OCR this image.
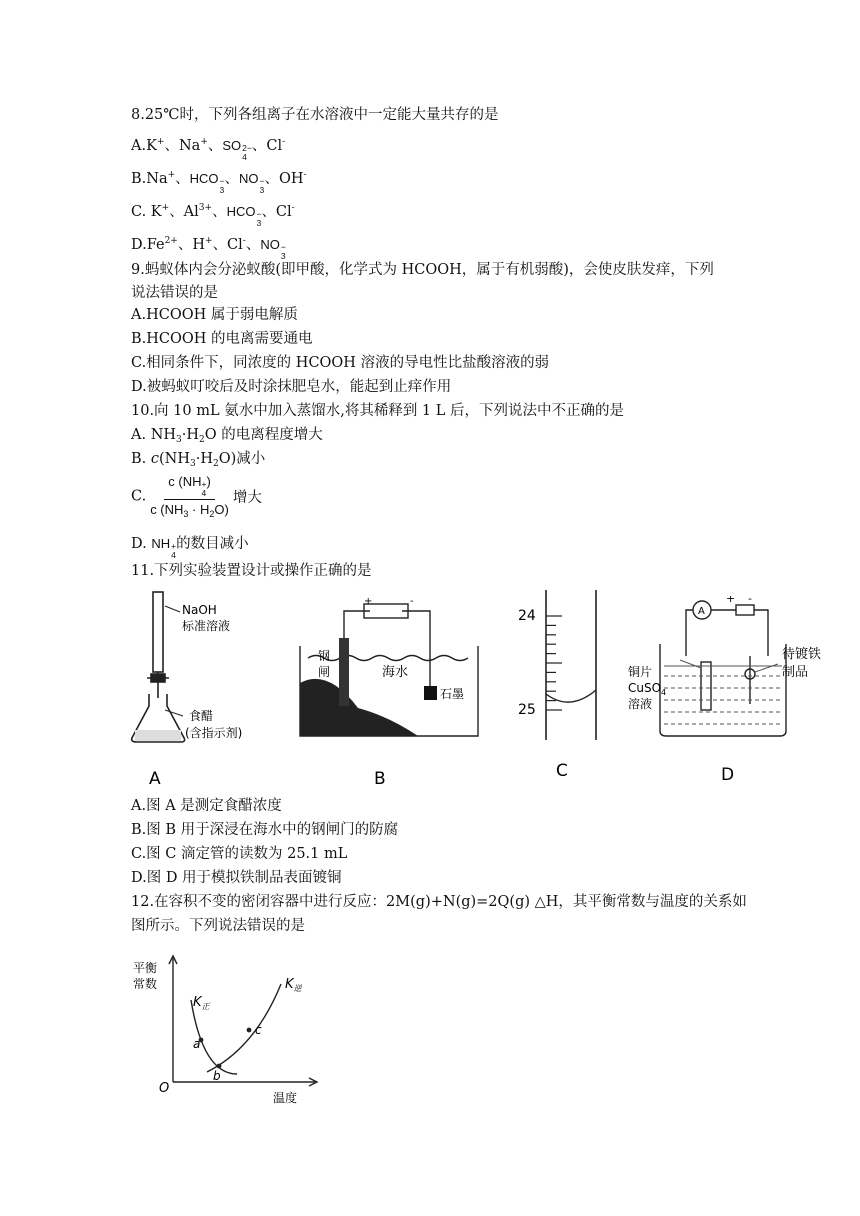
8.25℃时，下列各组离子在水溶液中一定能大量共存的是
A.K+、Na+、SO 2−
4
、Cl-
B.Na+、HCO −
3
、NO −
3
、OH-
C. K+、$Al^{3+}$、HCO −
3
、Cl-
$D.Fe^{2+}$、H+、Cl-、NO −
3
9.蚂蚁体内会分泌蚁酸(即甲酸，化学式为 HCOOH，属于有机弱酸)，会使皮肤发痒，下列
说法错误的是
A.HCOOH 属于弱电解质
B.HCOOH 的电离需要通电
C.相同条件下，同浓度的 HCOOH 溶液的导电性比盐酸溶液的弱
D.被蚂蚁叮咬后及时涂抹肥皂水，能起到止痒作用
10.向 10 mL 氨水中加入蒸馏水,将其稀释到 1 L 后，下列说法中不正确的是
A. $NH_3\cdot H_2O$ 的电离程度增大
B. $c(NH_3\cdot H_2O)$减小
C. c (NH +
4
)
c $(NH_3 \cdot H_2O)$ 增大
D. NH +
4
的数目减小
11.下列实验装置设计或操作正确的是
NaOH
标准溶液
食醋
(含指示剂)
A
+	-
钢
闸	海水
石墨
B
24
25
C
A
+ -
铜片
CuSO$_4$
溶液
待镀铁
制品
D
A.图 A 是测定食醋浓度
B.图 B 用于深浸在海水中的钢闸门的防腐
C.图 C 滴定管的读数为 25.1 mL
D.图 D 用于模拟铁制品表面镀铜
12.在容积不变的密闭容器中进行反应：2M(g)+N(g)=2Q(g) △H，其平衡常数与温度的关系如
图所示。下列说法错误的是
平衡
常数
温度
O
$K_正$
$K_逆$
a
b
c
